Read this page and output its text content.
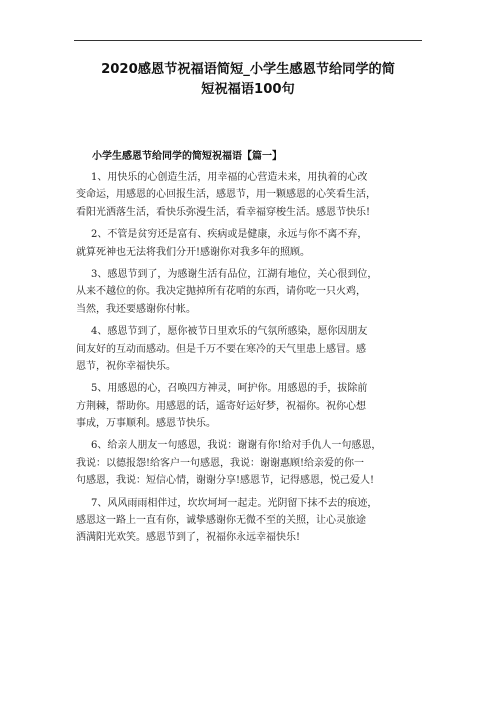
2020感恩节祝福语简短_小学生感恩节给同学的简
短祝福语100句
小学生感恩节给同学的简短祝福语【篇一】

1、用快乐的心创造生活，用幸福的心营造未来，用执着的心改
变命运，用感恩的心回报生活，感恩节，用一颗感恩的心笑看生活，
看阳光洒落生活，看快乐弥漫生活，看幸福穿梭生活。感恩节快乐!

2、不管是贫穷还是富有、疾病或是健康，永远与你不离不弃，
就算死神也无法将我们分开!感谢你对我多年的照顾。

3、感恩节到了，为感谢生活有品位，江湖有地位，关心很到位，
从来不越位的你。我决定抛掉所有花哨的东西，请你吃一只火鸡，
当然，我还要感谢你付帐。

4、感恩节到了，愿你被节日里欢乐的气氛所感染，愿你因朋友
间友好的互动而感动。但是千万不要在寒冷的天气里患上感冒。感
恩节，祝你幸福快乐。

5、用感恩的心，召唤四方神灵，呵护你。用感恩的手，拔除前
方荆棘，帮助你。用感恩的话，遥寄好运好梦，祝福你。祝你心想
事成，万事顺利。感恩节快乐。

6、给亲人朋友一句感恩，我说：谢谢有你!给对手仇人一句感恩，
我说：以德报怨!给客户一句感恩，我说：谢谢惠顾!给亲爱的你一
句感恩，我说：短信心情，谢谢分享!感恩节，记得感恩，悦己爱人!

7、风风雨雨相伴过，坎坎坷坷一起走。光阴留下抹不去的痕迹，
感恩这一路上一直有你，诚挚感谢你无微不至的关照，让心灵旅途
洒满阳光欢笑。感恩节到了，祝福你永远幸福快乐!
